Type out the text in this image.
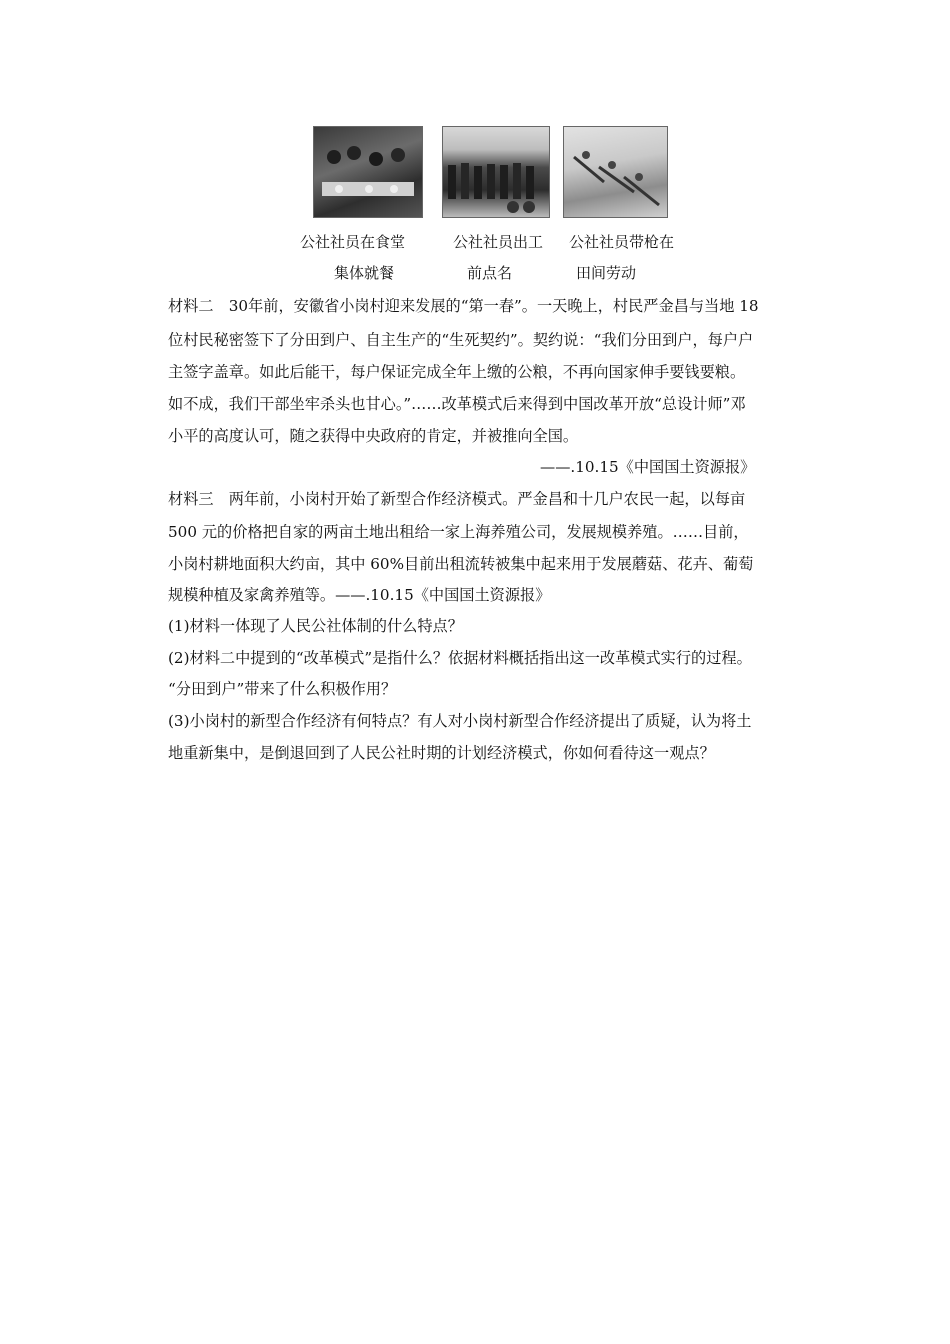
公社社员在食堂
集体就餐
公社社员出工
前点名
公社社员带枪在
田间劳动
材料二　30年前，安徽省小岗村迎来发展的“第一春”。一天晚上，村民严金昌与当地 18
位村民秘密签下了分田到户、自主生产的“生死契约”。契约说：“我们分田到户，每户户
主签字盖章。如此后能干，每户保证完成全年上缴的公粮，不再向国家伸手要钱要粮。
如不成，我们干部坐牢杀头也甘心。”……改革模式后来得到中国改革开放“总设计师”邓
小平的高度认可，随之获得中央政府的肯定，并被推向全国。
——.10.15《中国国土资源报》
材料三　两年前，小岗村开始了新型合作经济模式。严金昌和十几户农民一起，以每亩
500 元的价格把自家的两亩土地出租给一家上海养殖公司，发展规模养殖。……目前，
小岗村耕地面积大约亩，其中 60%目前出租流转被集中起来用于发展蘑菇、花卉、葡萄
规模种植及家禽养殖等。——.10.15《中国国土资源报》
(1)材料一体现了人民公社体制的什么特点？
(2)材料二中提到的“改革模式”是指什么？依据材料概括指出这一改革模式实行的过程。
“分田到户”带来了什么积极作用？
(3)小岗村的新型合作经济有何特点？有人对小岗村新型合作经济提出了质疑，认为将土
地重新集中，是倒退回到了人民公社时期的计划经济模式，你如何看待这一观点？
